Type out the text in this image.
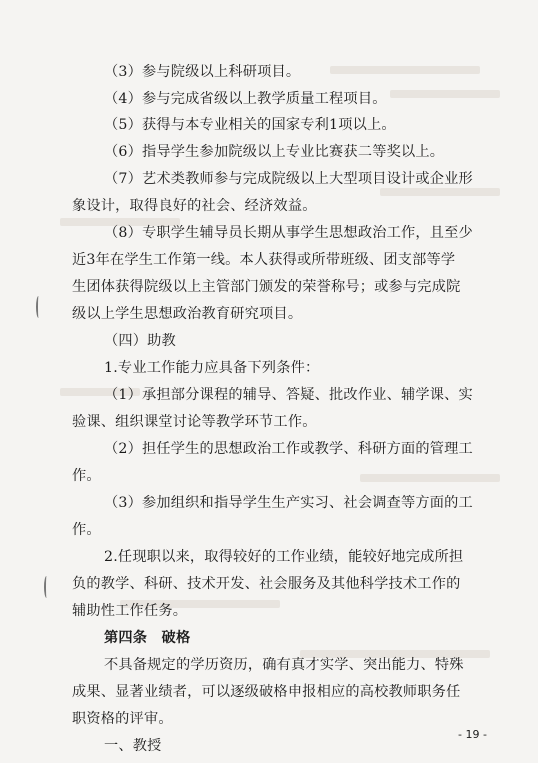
（3）参与院级以上科研项目。
（4）参与完成省级以上教学质量工程项目。
（5）获得与本专业相关的国家专利1项以上。
（6）指导学生参加院级以上专业比赛获二等奖以上。
（7）艺术类教师参与完成院级以上大型项目设计或企业形
象设计，取得良好的社会、经济效益。
（8）专职学生辅导员长期从事学生思想政治工作，且至少
近3年在学生工作第一线。本人获得或所带班级、团支部等学
生团体获得院级以上主管部门颁发的荣誉称号；或参与完成院
级以上学生思想政治教育研究项目。
（四）助教
1.专业工作能力应具备下列条件：
（1）承担部分课程的辅导、答疑、批改作业、辅学课、实
验课、组织课堂讨论等教学环节工作。
（2）担任学生的思想政治工作或教学、科研方面的管理工
作。
（3）参加组织和指导学生生产实习、社会调查等方面的工
作。
2.任现职以来，取得较好的工作业绩，能较好地完成所担
负的教学、科研、技术开发、社会服务及其他科学技术工作的
辅助性工作任务。
第四条　破格
不具备规定的学历资历，确有真才实学、突出能力、特殊
成果、显著业绩者，可以逐级破格申报相应的高校教师职务任
职资格的评审。
一、教授
- 19 -
